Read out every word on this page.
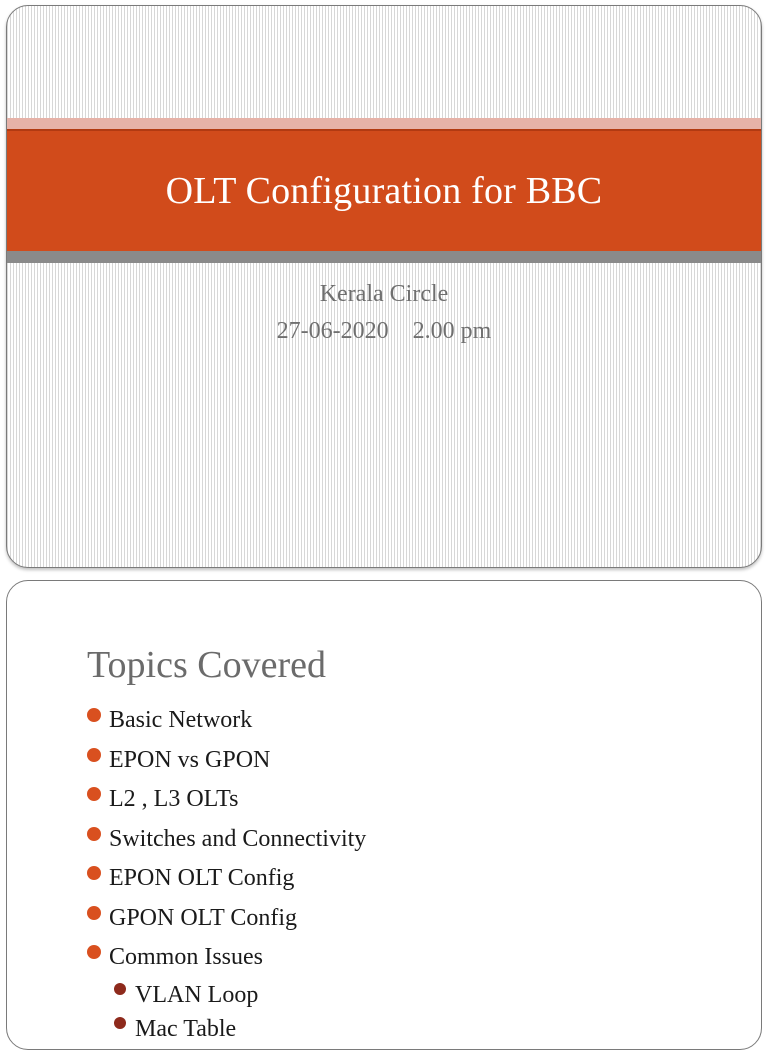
OLT Configuration for BBC
Kerala Circle
27-06-2020 2.00 pm
Topics Covered
Basic Network
EPON vs GPON
L2 , L3 OLTs
Switches and Connectivity
EPON OLT Config
GPON OLT Config
Common Issues
VLAN Loop
Mac Table
